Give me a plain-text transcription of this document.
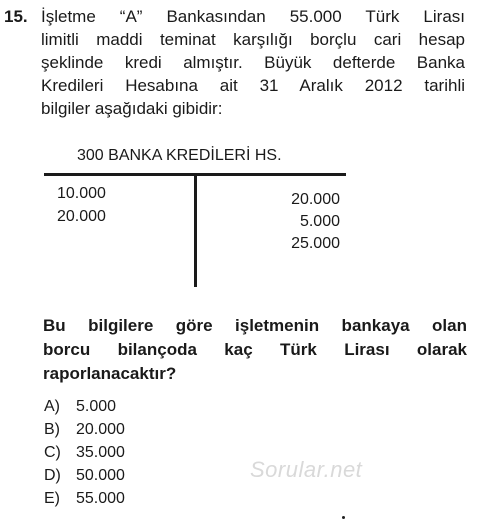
15. İşletme “A” Bankasından 55.000 Türk Lirası
limitli maddi teminat karşılığı borçlu cari hesap
şeklinde kredi almıştır. Büyük defterde Banka
Kredileri Hesabına ait 31 Aralık 2012 tarihli
bilgiler aşağıdaki gibidir:
300 BANKA KREDİLERİ HS.
10.000
20.000
20.000
5.000
25.000
Bu bilgilere göre işletmenin bankaya olan
borcu bilançoda kaç Türk Lirası olarak
raporlanacaktır?
A) 5.000
B) 20.000
C) 35.000
D) 50.000
E) 55.000
Sorular.net
